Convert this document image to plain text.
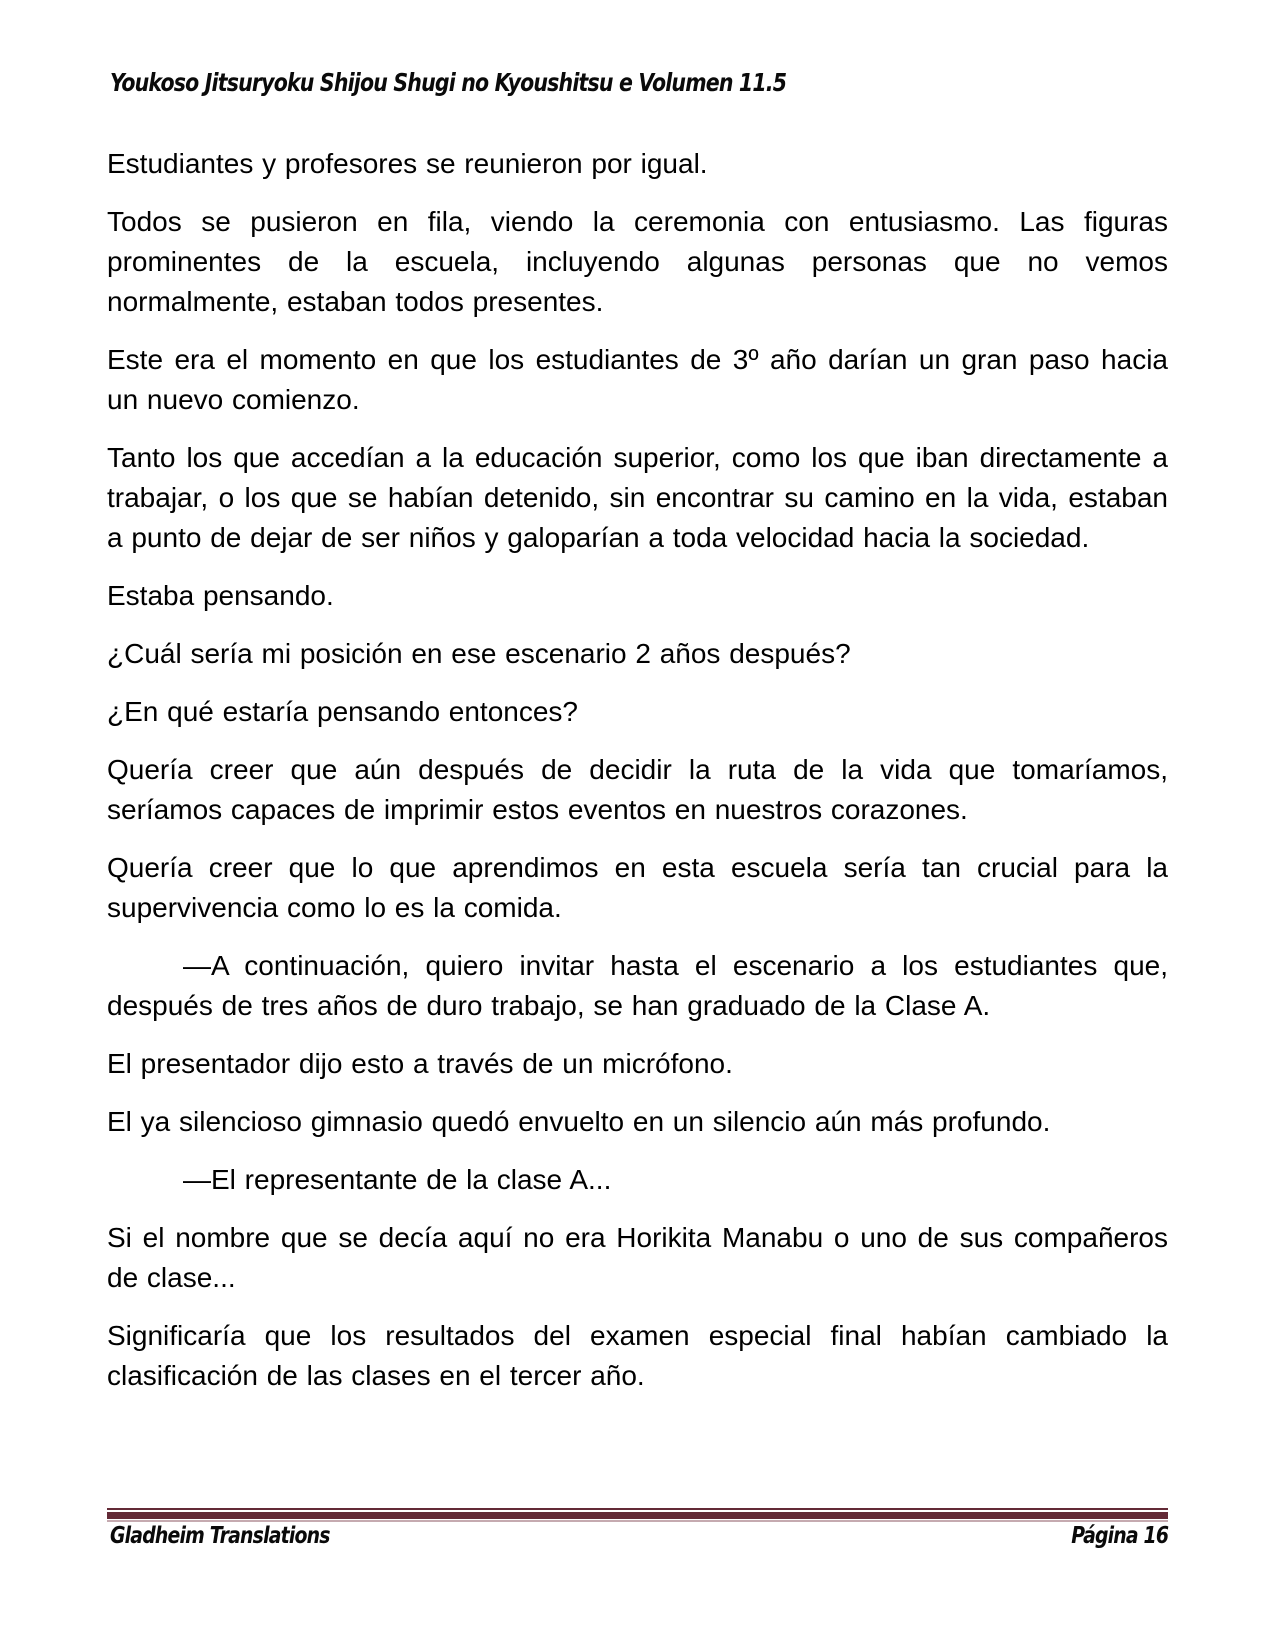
Youkoso Jitsuryoku Shijou Shugi no Kyoushitsu e Volumen 11.5

Estudiantes y profesores se reunieron por igual.

Todos se pusieron en fila, viendo la ceremonia con entusiasmo. Las figuras prominentes de la escuela, incluyendo algunas personas que no vemos normalmente, estaban todos presentes.

Este era el momento en que los estudiantes de 3º año darían un gran paso hacia un nuevo comienzo.

Tanto los que accedían a la educación superior, como los que iban directamente a trabajar, o los que se habían detenido, sin encontrar su camino en la vida, estaban a punto de dejar de ser niños y galoparían a toda velocidad hacia la sociedad.

Estaba pensando.

¿Cuál sería mi posición en ese escenario 2 años después?

¿En qué estaría pensando entonces?

Quería creer que aún después de decidir la ruta de la vida que tomaríamos, seríamos capaces de imprimir estos eventos en nuestros corazones.

Quería creer que lo que aprendimos en esta escuela sería tan crucial para la supervivencia como lo es la comida.

—A continuación, quiero invitar hasta el escenario a los estudiantes que, después de tres años de duro trabajo, se han graduado de la Clase A.

El presentador dijo esto a través de un micrófono.

El ya silencioso gimnasio quedó envuelto en un silencio aún más profundo.

—El representante de la clase A...

Si el nombre que se decía aquí no era Horikita Manabu o uno de sus compañeros de clase...

Significaría que los resultados del examen especial final habían cambiado la clasificación de las clases en el tercer año.

Gladheim Translations	Página 16
